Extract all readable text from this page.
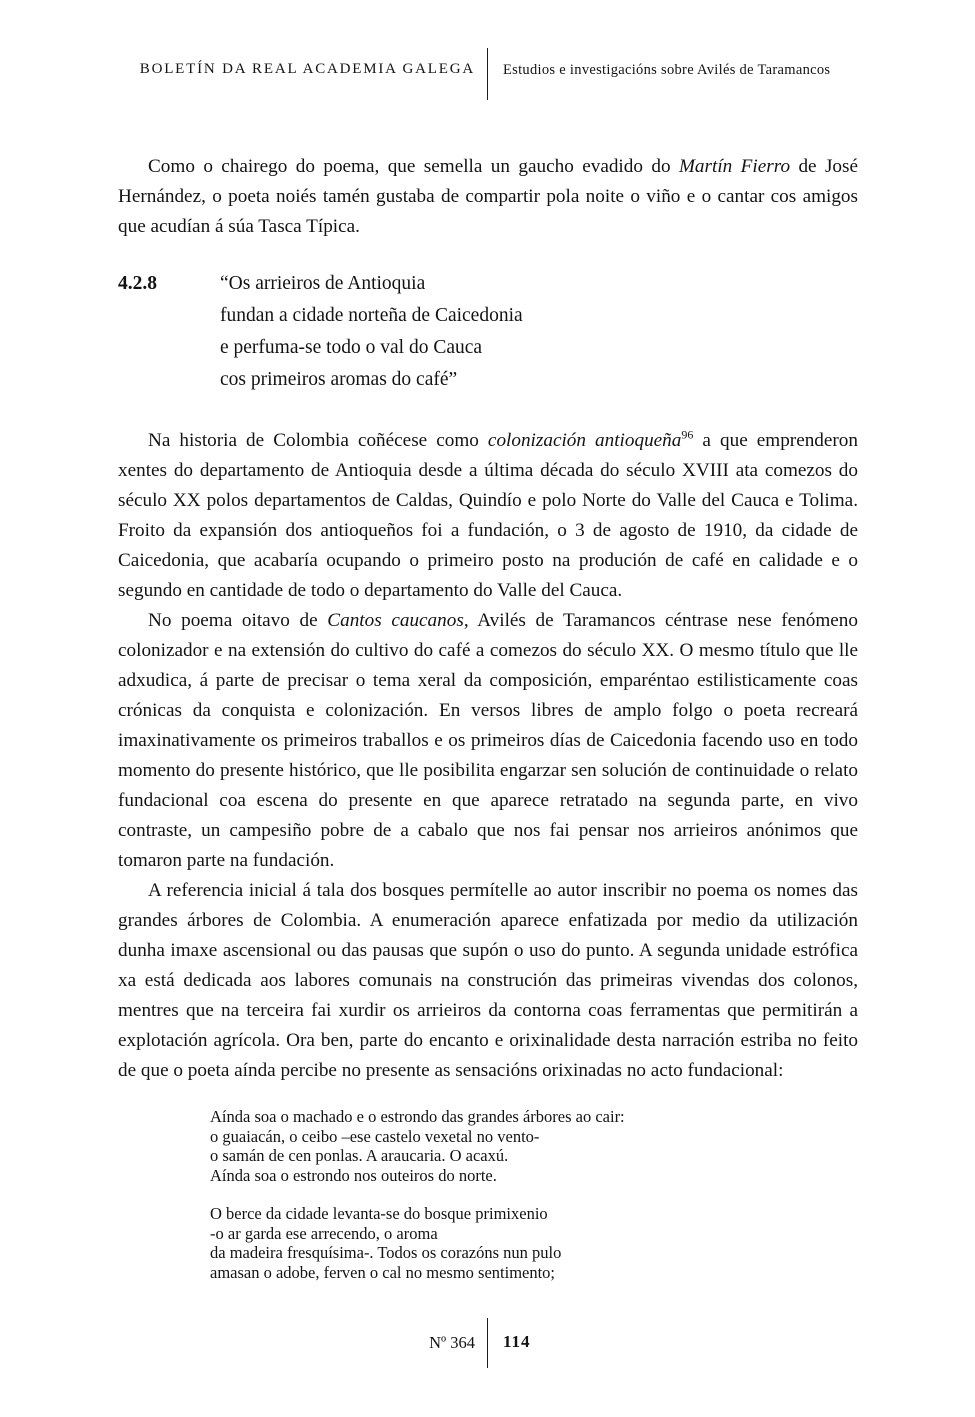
BOLETÍN DA REAL ACADEMIA GALEGA Estudios e investigacións sobre Avilés de Taramancos

Como o chairego do poema, que semella un gaucho evadido do Martín Fierro de José Hernández, o poeta noiés tamén gustaba de compartir pola noite o viño e o cantar cos amigos que acudían á súa Tasca Típica.

4.2.8	“Os arrieiros de Antioquia
fundan a cidade norteña de Caicedonia
e perfuma-se todo o val do Cauca
cos primeiros aromas do café”

Na historia de Colombia coñécese como colonización antioqueña$^{96}$ a que emprenderon xentes do departamento de Antioquia desde a última década do século XVIII ata comezos do século XX polos departamentos de Caldas, Quindío e polo Norte do Valle del Cauca e Tolima. Froito da expansión dos antioqueños foi a fundación, o 3 de agosto de 1910, da cidade de Caicedonia, que acabaría ocupando o primeiro posto na produción de café en calidade e o segundo en cantidade de todo o departamento do Valle del Cauca.

No poema oitavo de Cantos caucanos, Avilés de Taramancos céntrase nese fenómeno colonizador e na extensión do cultivo do café a comezos do século XX. O mesmo título que lle adxudica, á parte de precisar o tema xeral da composición, emparéntao estilisticamente coas crónicas da conquista e colonización. En versos libres de amplo folgo o poeta recreará imaxinativamente os primeiros traballos e os primeiros días de Caicedonia facendo uso en todo momento do presente histórico, que lle posibilita engarzar sen solución de continuidade o relato fundacional coa escena do presente en que aparece retratado na segunda parte, en vivo contraste, un campesiño pobre de a cabalo que nos fai pensar nos arrieiros anónimos que tomaron parte na fundación.

A referencia inicial á tala dos bosques permítelle ao autor inscribir no poema os nomes das grandes árbores de Colombia. A enumeración aparece enfatizada por medio da utilización dunha imaxe ascensional ou das pausas que supón o uso do punto. A segunda unidade estrófica xa está dedicada aos labores comunais na construción das primeiras vivendas dos colonos, mentres que na terceira fai xurdir os arrieiros da contorna coas ferramentas que permitirán a explotación agrícola. Ora ben, parte do encanto e orixinalidade desta narración estriba no feito de que o poeta aínda percibe no presente as sensacións orixinadas no acto fundacional:

Aínda soa o machado e o estrondo das grandes árbores ao cair:
o guaiacán, o ceibo –ese castelo vexetal no vento-
o samán de cen ponlas. A araucaria. O acaxú.
Aínda soa o estrondo nos outeiros do norte.
O berce da cidade levanta-se do bosque primixenio
-o ar garda ese arrecendo, o aroma
da madeira fresquísima-. Todos os corazóns nun pulo
amasan o adobe, ferven o cal no mesmo sentimento;
Nº 364 114
